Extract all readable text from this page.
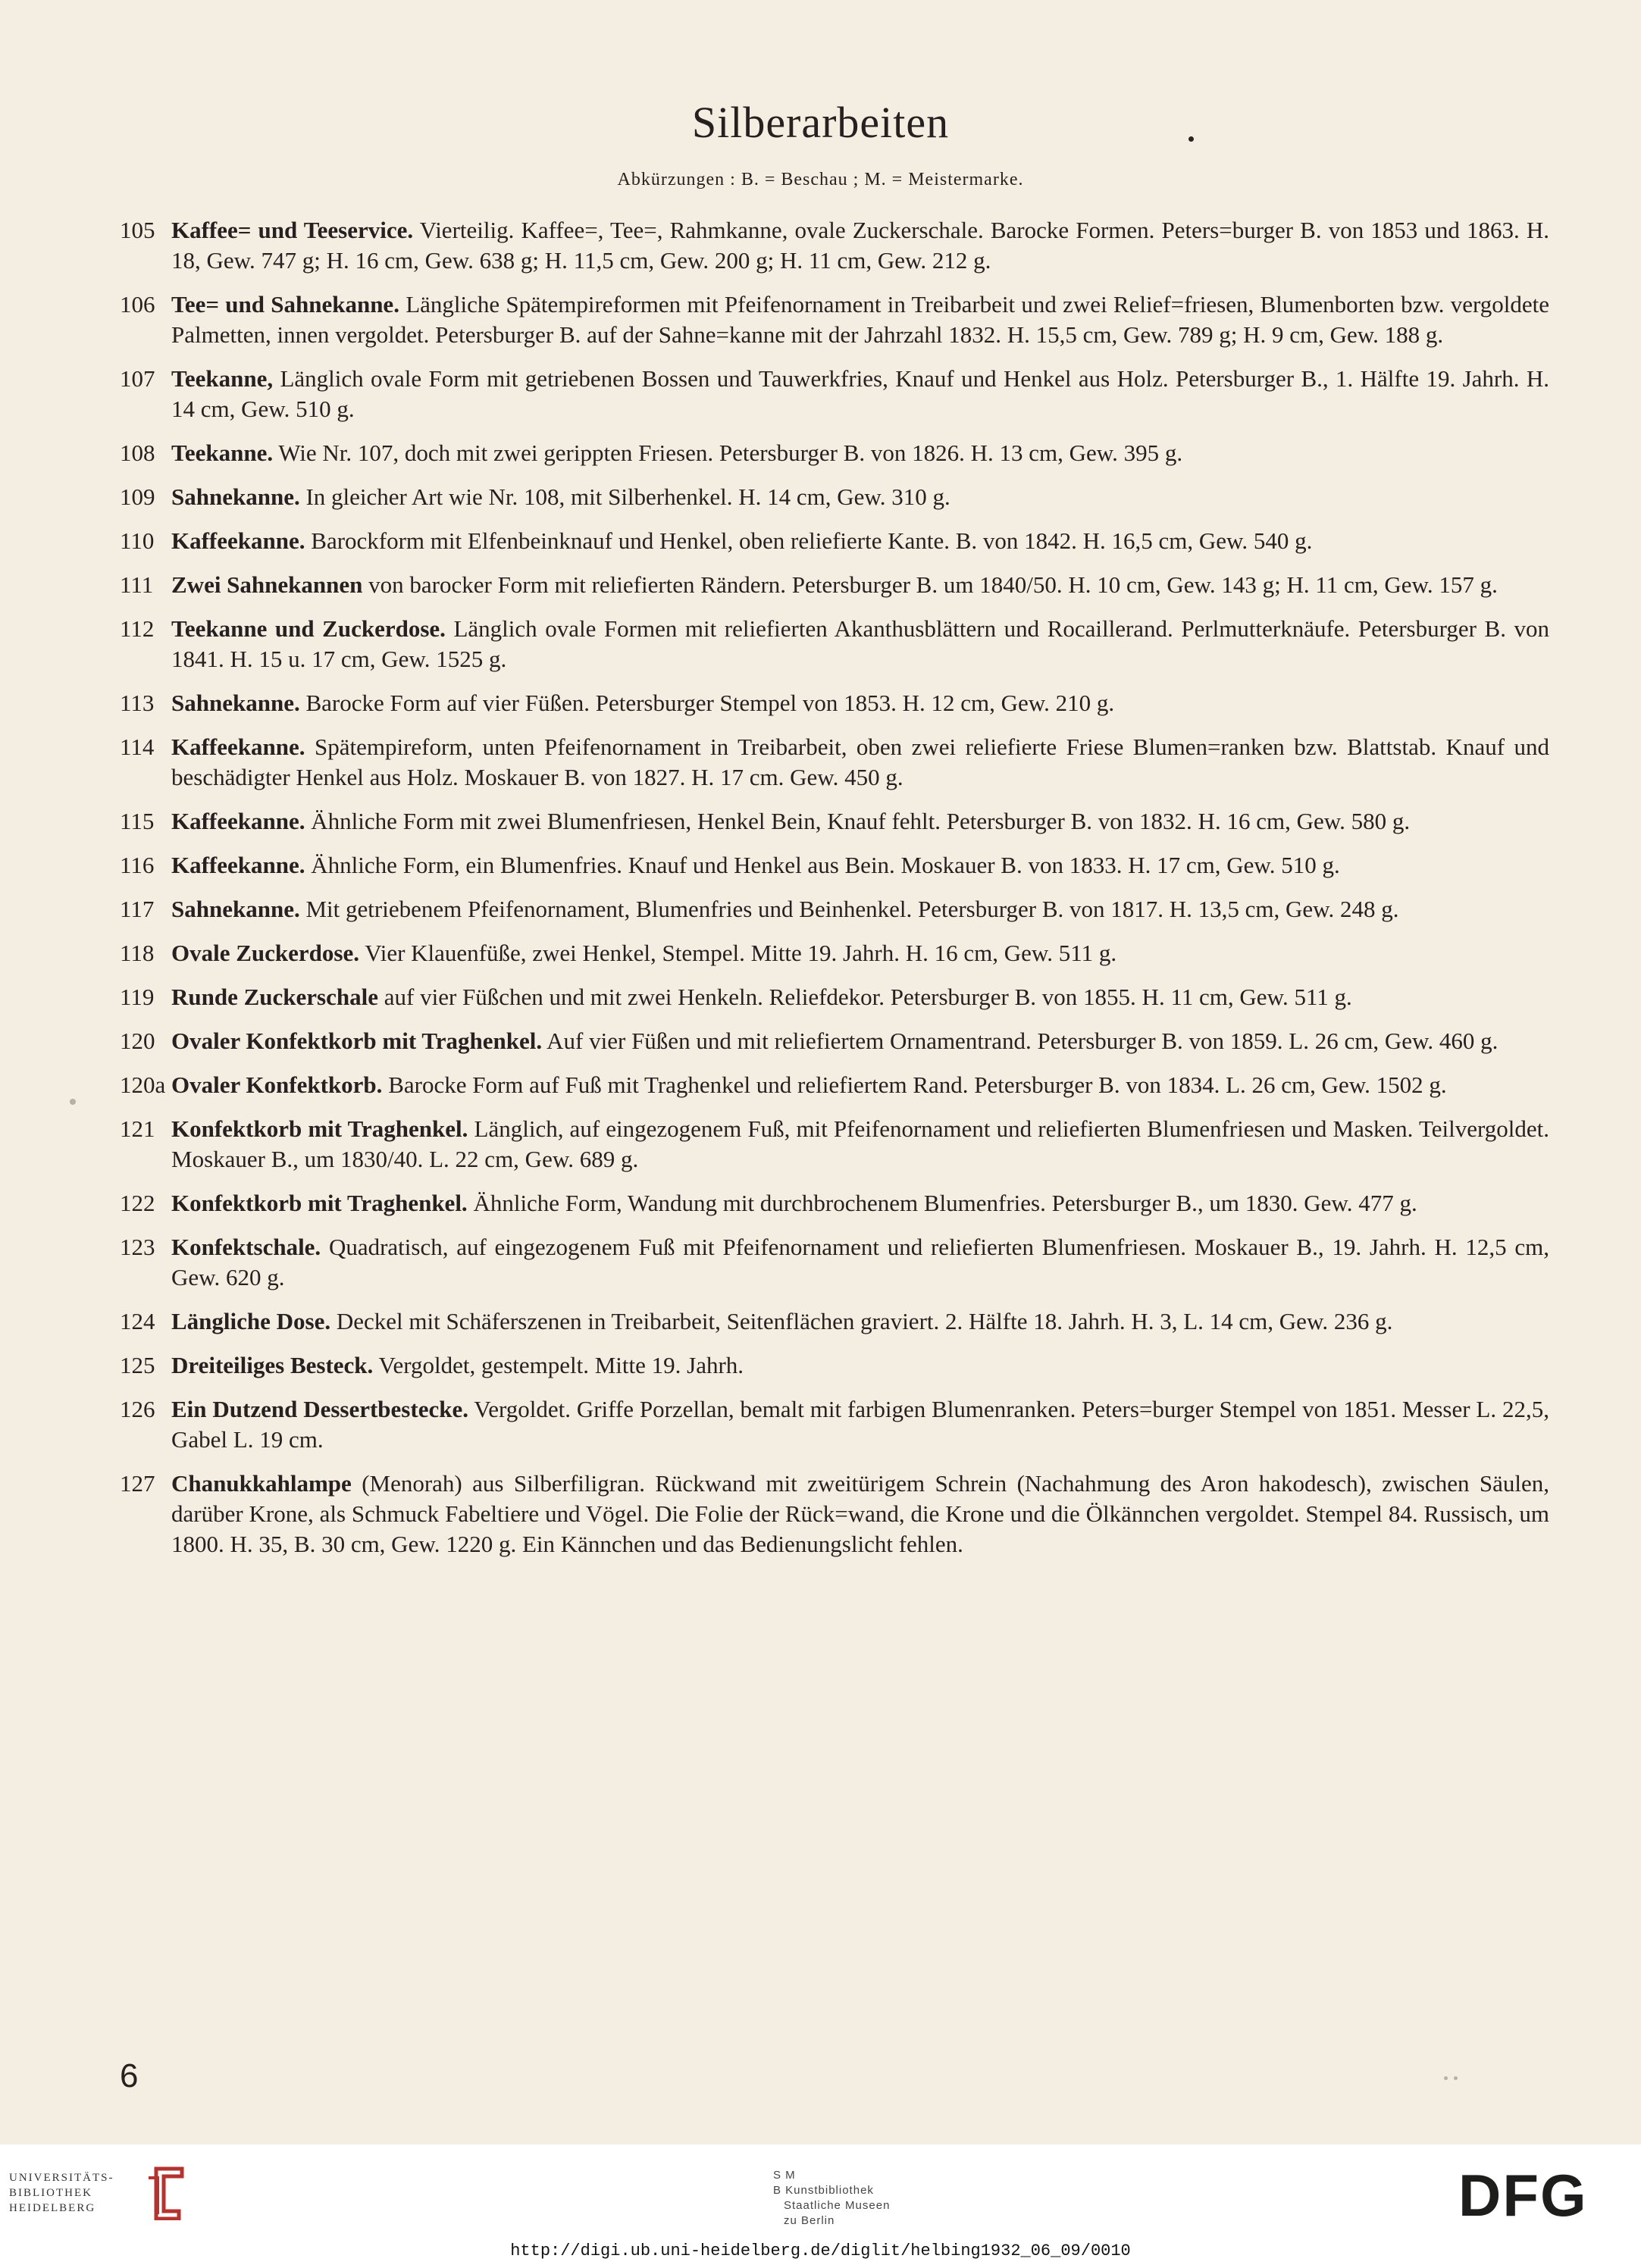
Silberarbeiten
Abkürzungen : B. = Beschau ; M. = Meistermarke.
105 Kaffee= und Teeservice. Vierteilig. Kaffee=, Tee=, Rahmkanne, ovale Zuckerschale. Barocke Formen. Peters=burger B. von 1853 und 1863. H. 18, Gew. 747 g; H. 16 cm, Gew. 638 g; H. 11,5 cm, Gew. 200 g; H. 11 cm, Gew. 212 g.
106 Tee= und Sahnekanne. Längliche Spätempireformen mit Pfeifenornament in Treibarbeit und zwei Relief=friesen, Blumenborten bzw. vergoldete Palmetten, innen vergoldet. Petersburger B. auf der Sahne=kanne mit der Jahrzahl 1832. H. 15,5 cm, Gew. 789 g; H. 9 cm, Gew. 188 g.
107 Teekanne, Länglich ovale Form mit getriebenen Bossen und Tauwerkfries, Knauf und Henkel aus Holz. Petersburger B., 1. Hälfte 19. Jahrh. H. 14 cm, Gew. 510 g.
108 Teekanne. Wie Nr. 107, doch mit zwei gerippten Friesen. Petersburger B. von 1826. H. 13 cm, Gew. 395 g.
109 Sahnekanne. In gleicher Art wie Nr. 108, mit Silberhenkel. H. 14 cm, Gew. 310 g.
110 Kaffeekanne. Barockform mit Elfenbeinknauf und Henkel, oben reliefierte Kante. B. von 1842. H. 16,5 cm, Gew. 540 g.
111 Zwei Sahnekannen von barocker Form mit reliefierten Rändern. Petersburger B. um 1840/50. H. 10 cm, Gew. 143 g; H. 11 cm, Gew. 157 g.
112 Teekanne und Zuckerdose. Länglich ovale Formen mit reliefierten Akanthusblättern und Rocaillerand. Perlmutterknäufe. Petersburger B. von 1841. H. 15 u. 17 cm, Gew. 1525 g.
113 Sahnekanne. Barocke Form auf vier Füßen. Petersburger Stempel von 1853. H. 12 cm, Gew. 210 g.
114 Kaffeekanne. Spätempireform, unten Pfeifenornament in Treibarbeit, oben zwei reliefierte Friese Blumen=ranken bzw. Blattstab. Knauf und beschädigter Henkel aus Holz. Moskauer B. von 1827. H. 17 cm. Gew. 450 g.
115 Kaffeekanne. Ähnliche Form mit zwei Blumenfriesen, Henkel Bein, Knauf fehlt. Petersburger B. von 1832. H. 16 cm, Gew. 580 g.
116 Kaffeekanne. Ähnliche Form, ein Blumenfries. Knauf und Henkel aus Bein. Moskauer B. von 1833. H. 17 cm, Gew. 510 g.
117 Sahnekanne. Mit getriebenem Pfeifenornament, Blumenfries und Beinhenkel. Petersburger B. von 1817. H. 13,5 cm, Gew. 248 g.
118 Ovale Zuckerdose. Vier Klauenfüße, zwei Henkel, Stempel. Mitte 19. Jahrh. H. 16 cm, Gew. 511 g.
119 Runde Zuckerschale auf vier Füßchen und mit zwei Henkeln. Reliefdekor. Petersburger B. von 1855. H. 11 cm, Gew. 511 g.
120 Ovaler Konfektkorb mit Traghenkel. Auf vier Füßen und mit reliefiertem Ornamentrand. Petersburger B. von 1859. L. 26 cm, Gew. 460 g.
120a Ovaler Konfektkorb. Barocke Form auf Fuß mit Traghenkel und reliefiertem Rand. Petersburger B. von 1834. L. 26 cm, Gew. 1502 g.
121 Konfektkorb mit Traghenkel. Länglich, auf eingezogenem Fuß, mit Pfeifenornament und reliefierten Blumenfriesen und Masken. Teilvergoldet. Moskauer B., um 1830/40. L. 22 cm, Gew. 689 g.
122 Konfektkorb mit Traghenkel. Ähnliche Form, Wandung mit durchbrochenem Blumenfries. Petersburger B., um 1830. Gew. 477 g.
123 Konfektschale. Quadratisch, auf eingezogenem Fuß mit Pfeifenornament und reliefierten Blumenfriesen. Moskauer B., 19. Jahrh. H. 12,5 cm, Gew. 620 g.
124 Längliche Dose. Deckel mit Schäferszenen in Treibarbeit, Seitenflächen graviert. 2. Hälfte 18. Jahrh. H. 3, L. 14 cm, Gew. 236 g.
125 Dreiteiliges Besteck. Vergoldet, gestempelt. Mitte 19. Jahrh.
126 Ein Dutzend Dessertbestecke. Vergoldet. Griffe Porzellan, bemalt mit farbigen Blumenranken. Peters=burger Stempel von 1851. Messer L. 22,5, Gabel L. 19 cm.
127 Chanukkahlampe (Menorah) aus Silberfiligran. Rückwand mit zweitürigem Schrein (Nachahmung des Aron hakodesch), zwischen Säulen, darüber Krone, als Schmuck Fabeltiere und Vögel. Die Folie der Rück=wand, die Krone und die Ölkännchen vergoldet. Stempel 84. Russisch, um 1800. H. 35, B. 30 cm, Gew. 1220 g. Ein Kännchen und das Bedienungslicht fehlen.
6
UNIVERSITÄTS-
BIBLIOTHEK
HEIDELBERG
S M
B Kunstbibliothek
Staatliche Museen
zu Berlin	DFG
http://digi.ub.uni-heidelberg.de/diglit/helbing1932_06_09/0010
